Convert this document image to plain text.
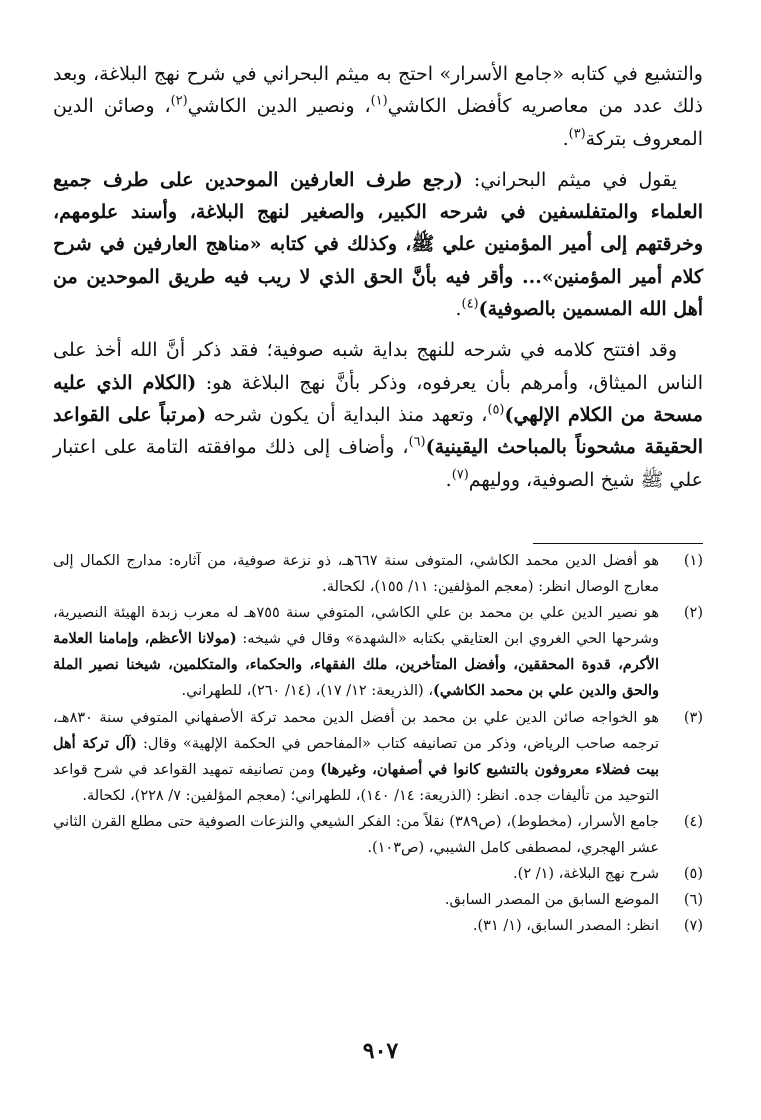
والتشيع في كتابه «جامع الأسرار» احتج به ميثم البحراني في شرح نهج البلاغة، وبعد ذلك عدد من معاصريه كأفضل الكاشي$^{(١)}$، ونصير الدين الكاشي$^{(٢)}$، وصائن الدين المعروف بتركة$^{(٣)}$.

يقول في ميثم البحراني: (رجع طرف العارفين الموحدين على طرف جميع العلماء والمتفلسفين في شرحه الكبير، والصغير لنهج البلاغة، وأسند علومهم، وخرقتهم إلى أمير المؤمنين علي ﷺ، وكذلك في كتابه «مناهج العارفين في شرح كلام أمير المؤمنين»... وأقر فيه بأنَّ الحق الذي لا ريب فيه طريق الموحدين من أهل الله المسمين بالصوفية)$^{(٤)}$.

وقد افتتح كلامه في شرحه للنهج بداية شبه صوفية؛ فقد ذكر أنَّ الله أخذ على الناس الميثاق، وأمرهم بأن يعرفوه، وذكر بأنَّ نهج البلاغة هو: (الكلام الذي عليه مسحة من الكلام الإلهي)$^{(٥)}$، وتعهد منذ البداية أن يكون شرحه (مرتباً على القواعد الحقيقة مشحوناً بالمباحث اليقينية)$^{(٦)}$، وأضاف إلى ذلك موافقته التامة على اعتبار علي ﷺ شيخ الصوفية، ووليهم$^{(٧)}$.

(١)
هو أفضل الدين محمد الكاشي، المتوفى سنة ٦٦٧هـ، ذو نزعة صوفية، من آثاره: مدارج الكمال إلى معارج الوصال انظر: (معجم المؤلفين: ١١/ ١٥٥)، لكحالة.
(٢)
هو نصير الدين علي بن محمد بن علي الكاشي، المتوفي سنة ٧٥٥هـ له معرب زبدة الهيئة النصيرية، وشرحها الحي الغروي ابن العتايقي بكتابه «الشهدة» وقال في شيخه: (مولانا الأعظم، وإمامنا العلامة الأكرم، قدوة المحققين، وأفضل المتأخرين، ملك الفقهاء، والحكماء، والمتكلمين، شيخنا نصير الملة والحق والدين علي بن محمد الكاشي)، (الذريعة: ١٢/ ١٧)، (١٤/ ٢٦٠)، للطهراني.
(٣)
هو الخواجه صائن الدين علي بن محمد بن أفضل الدين محمد تركة الأصفهاني المتوفي سنة ٨٣٠هـ، ترجمه صاحب الرياض، وذكر من تصانيفه كتاب «المفاحص في الحكمة الإلهية» وقال: (آل تركة أهل بيت فضلاء معروفون بالتشيع كانوا في أصفهان، وغيرها) ومن تصانيفه تمهيد القواعد في شرح قواعد التوحيد من تأليفات جده. انظر: (الذريعة: ١٤/ ١٤٠)، للطهراني؛ (معجم المؤلفين: ٧/ ٢٢٨)، لكحالة.
(٤)
جامع الأسرار، (مخطوط)، (ص٣٨٩) نقلاً من: الفكر الشيعي والنزعات الصوفية حتى مطلع القرن الثاني عشر الهجري، لمصطفى كامل الشيبي، (ص١٠٣).
(٥)
شرح نهج البلاغة، (١/ ٢).
(٦)
الموضع السابق من المصدر السابق.
(٧)
انظر: المصدر السابق، (١/ ٣١).
٩٠٧
